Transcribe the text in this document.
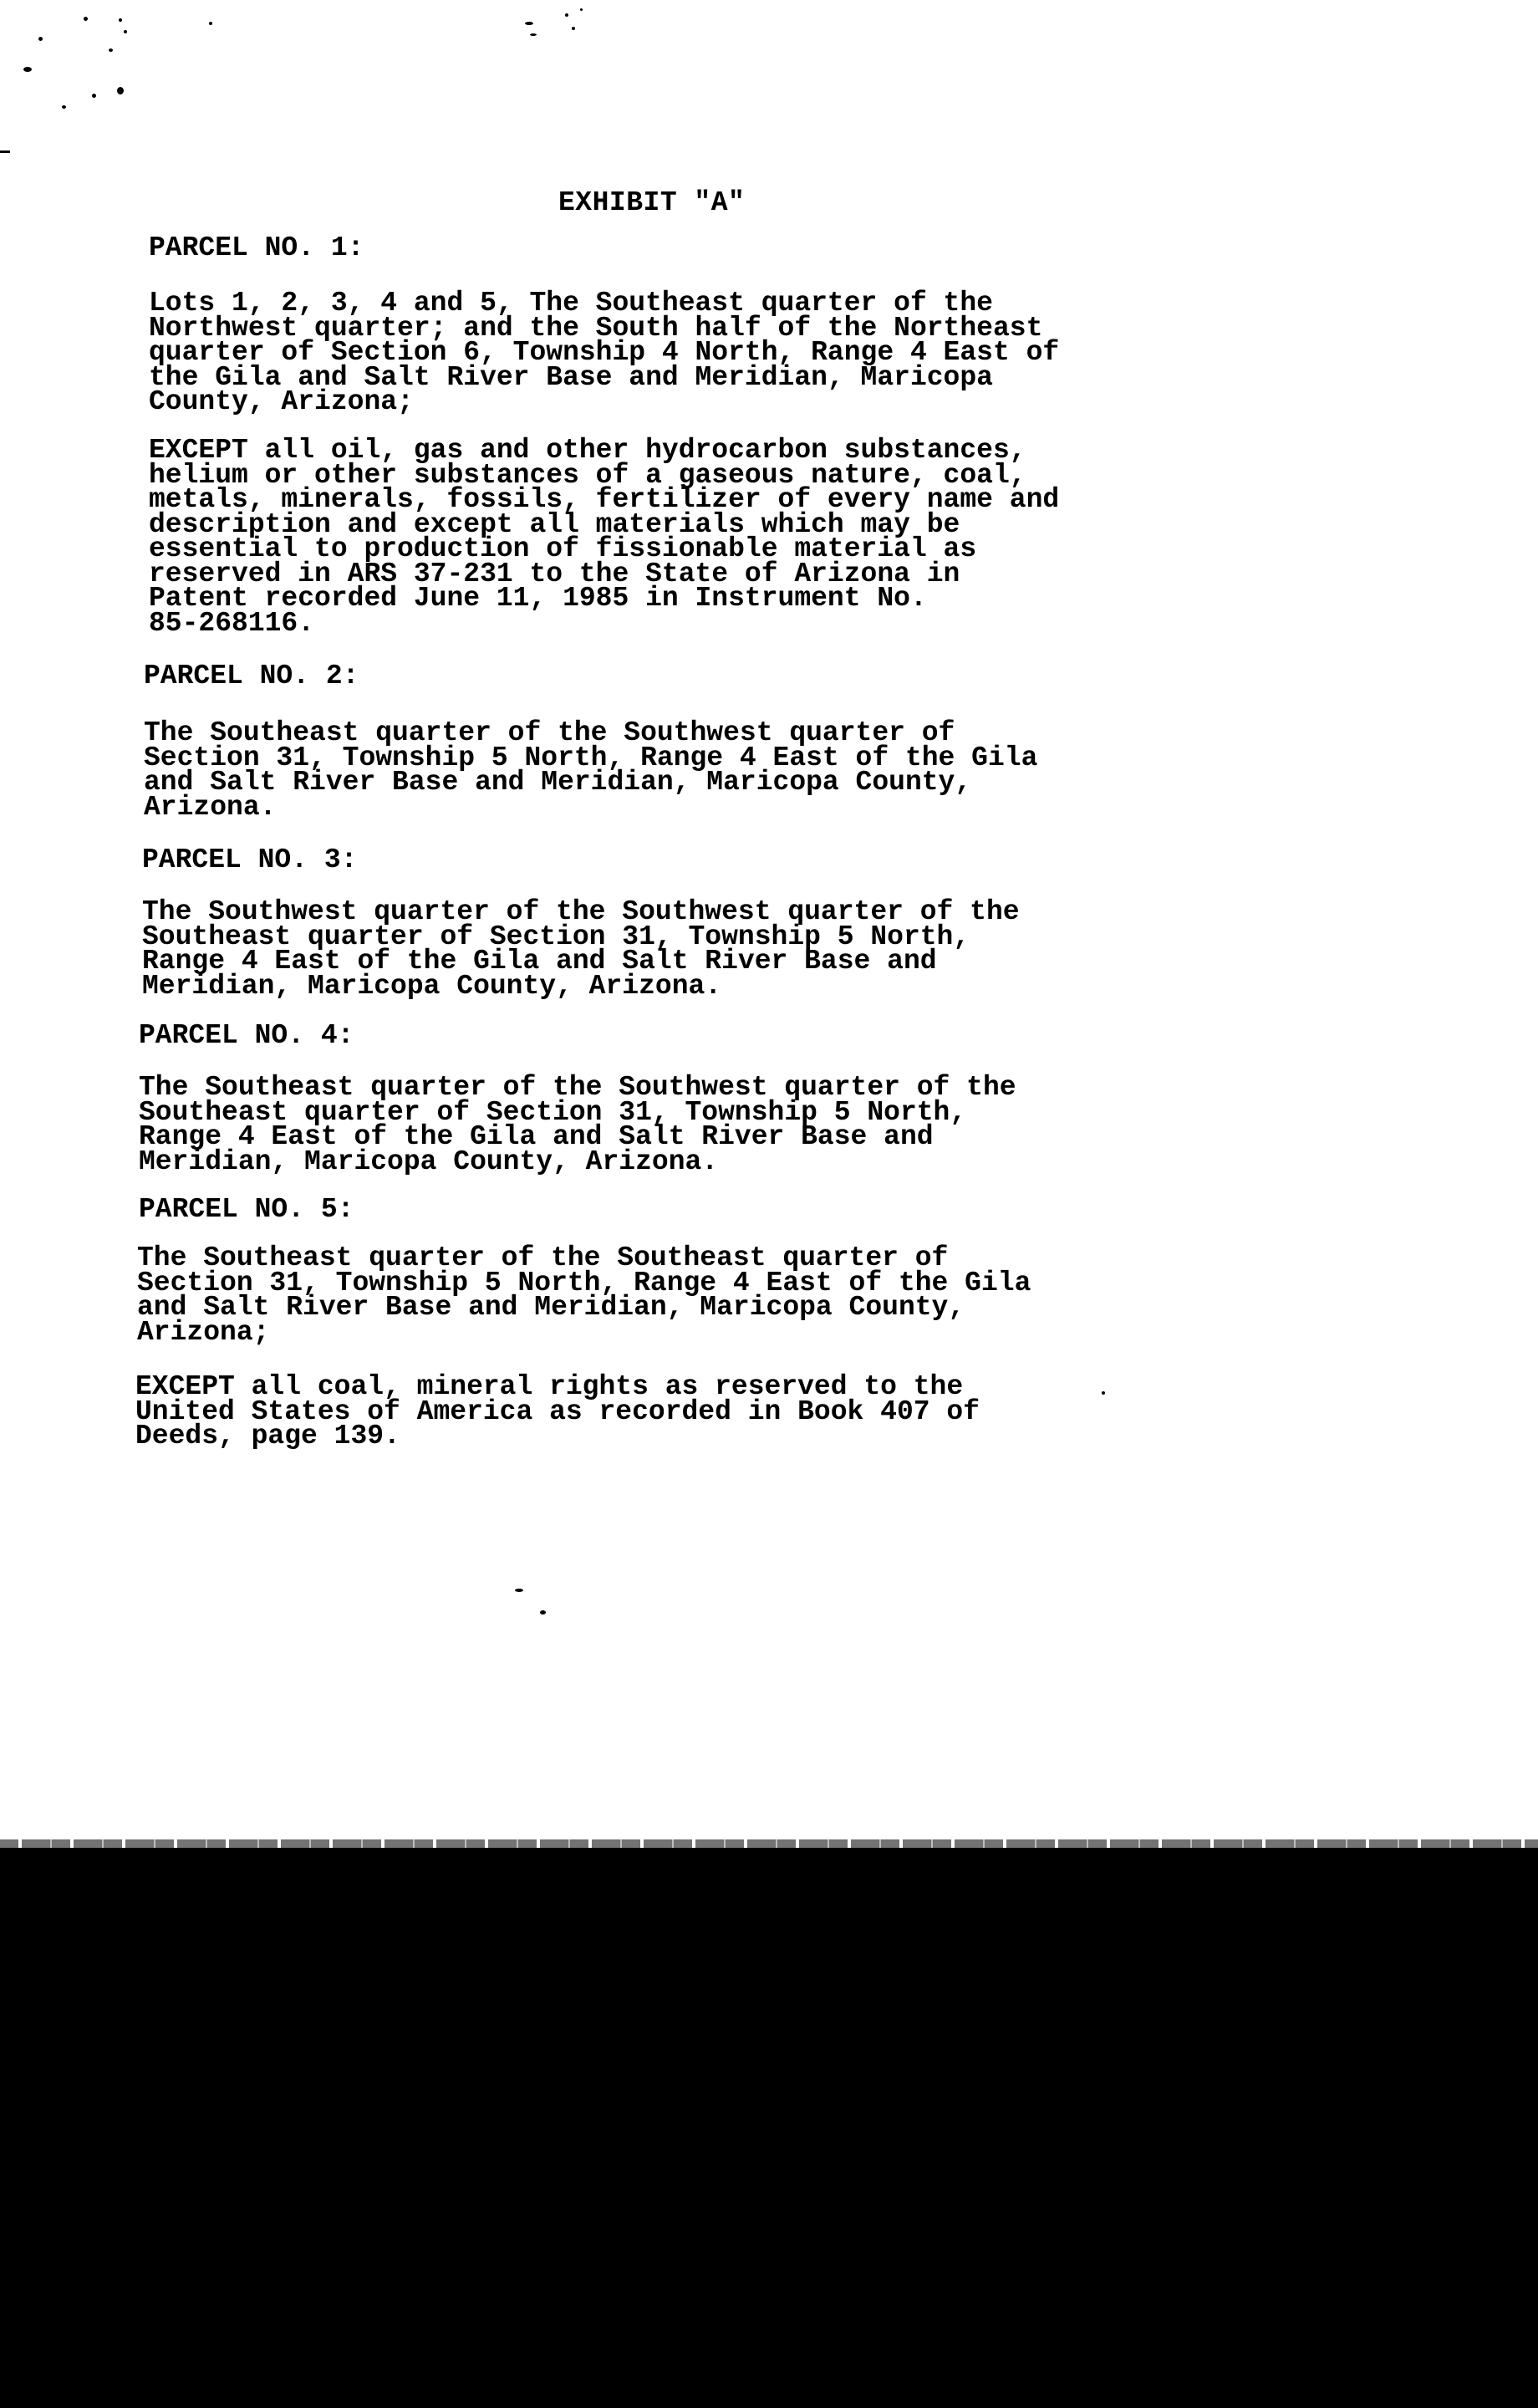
EXHIBIT "A"
PARCEL NO. 1:
Lots 1, 2, 3, 4 and 5, The Southeast quarter of the
Northwest quarter; and the South half of the Northeast
quarter of Section 6, Township 4 North, Range 4 East of
the Gila and Salt River Base and Meridian, Maricopa
County, Arizona;
EXCEPT all oil, gas and other hydrocarbon substances,
helium or other substances of a gaseous nature, coal,
metals, minerals, fossils, fertilizer of every name and
description and except all materials which may be
essential to production of fissionable material as
reserved in ARS 37-231 to the State of Arizona in
Patent recorded June 11, 1985 in Instrument No.
85-268116.
PARCEL NO. 2:
The Southeast quarter of the Southwest quarter of
Section 31, Township 5 North, Range 4 East of the Gila
and Salt River Base and Meridian, Maricopa County,
Arizona.
PARCEL NO. 3:
The Southwest quarter of the Southwest quarter of the
Southeast quarter of Section 31, Township 5 North,
Range 4 East of the Gila and Salt River Base and
Meridian, Maricopa County, Arizona.
PARCEL NO. 4:
The Southeast quarter of the Southwest quarter of the
Southeast quarter of Section 31, Township 5 North,
Range 4 East of the Gila and Salt River Base and
Meridian, Maricopa County, Arizona.
PARCEL NO. 5:
The Southeast quarter of the Southeast quarter of
Section 31, Township 5 North, Range 4 East of the Gila
and Salt River Base and Meridian, Maricopa County,
Arizona;
EXCEPT all coal, mineral rights as reserved to the
United States of America as recorded in Book 407 of
Deeds, page 139.
